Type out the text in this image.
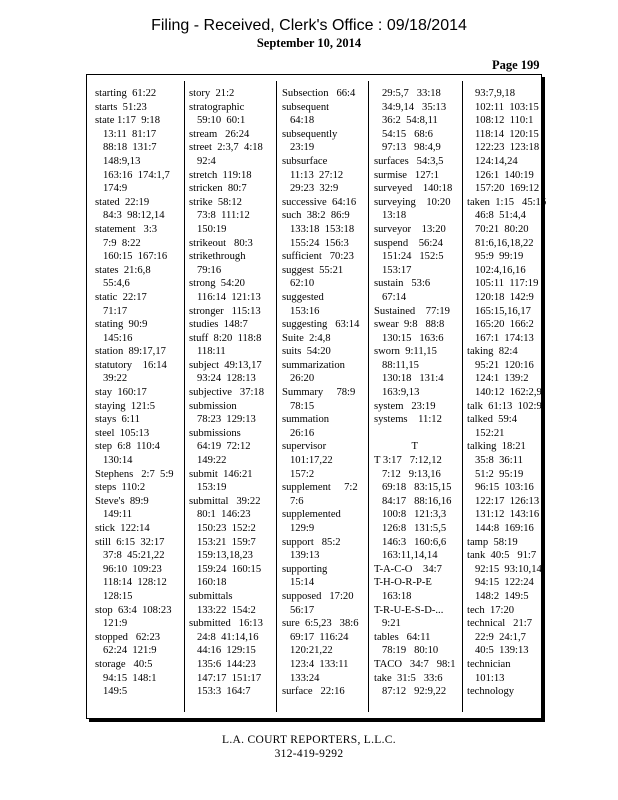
Filing - Received, Clerk's Office : 09/18/2014
September 10, 2014
Page 199
starting  61:22
starts  51:23
state 1:17  9:18
13:11  81:17
88:18  131:7
148:9,13
163:16  174:1,7
174:9
stated  22:19
84:3  98:12,14
statement   3:3
7:9  8:22
160:15  167:16
states  21:6,8
55:4,6
static  22:17
71:17
stating  90:9
145:16
station  89:17,17
statutory    16:14
39:22
stay  160:17
staying  121:5
stays  6:11
steel  105:13
step  6:8  110:4
130:14
Stephens   2:7  5:9
steps  110:2
Steve's  89:9
149:11
stick  122:14
still  6:15  32:17
37:8  45:21,22
96:10  109:23
118:14  128:12
128:15
stop  63:4  108:23
121:9
stopped   62:23
62:24  121:9
storage   40:5
94:15  148:1
149:5
story  21:2
stratographic
59:10  60:1
stream   26:24
street  2:3,7  4:18
92:4
stretch  119:18
stricken  80:7
strike  58:12
73:8  111:12
150:19
strikeout   80:3
strikethrough
79:16
strong  54:20
116:14  121:13
stronger   115:13
studies  148:7
stuff  8:20  118:8
118:11
subject  49:13,17
93:24  128:13
subjective   37:18
submission
78:23  129:13
submissions
64:19  72:12
149:22
submit  146:21
153:19
submittal   39:22
80:1  146:23
150:23  152:2
153:21  159:7
159:13,18,23
159:24  160:15
160:18
submittals
133:22  154:2
submitted   16:13
24:8  41:14,16
44:16  129:15
135:6  144:23
147:17  151:17
153:3  164:7
Subsection   66:4
subsequent
64:18
subsequently
23:19
subsurface
11:13  27:12
29:23  32:9
successive  64:16
such  38:2  86:9
133:18  153:18
155:24  156:3
sufficient   70:23
suggest  55:21
62:10
suggested
153:16
suggesting   63:14
Suite  2:4,8
suits  54:20
summarization
26:20
Summary     78:9
78:15
summation
26:16
supervisor
101:17,22
157:2
supplement     7:2
7:6
supplemented
129:9
support   85:2
139:13
supporting
15:14
supposed   17:20
56:17
sure  6:5,23   38:6
69:17  116:24
120:21,22
123:4  133:11
133:24
surface   22:16
29:5,7   33:18
34:9,14   35:13
36:2  54:8,11
54:15   68:6
97:13   98:4,9
surfaces   54:3,5
surmise   127:1
surveyed    140:18
surveying    10:20
13:18
surveyor    13:20
suspend    56:24
151:24   152:5
153:17
sustain   53:6
67:14
Sustained    77:19
swear  9:8   88:8
130:15   163:6
sworn  9:11,15
88:11,15
130:18   131:4
163:9,13
system   23:19
systems    11:12
T
T 3:17   7:12,12
7:12   9:13,16
69:18   83:15,15
84:17   88:16,16
100:8   121:3,3
126:8   131:5,5
146:3   160:6,6
163:11,14,14
T-A-C-O    34:7
T-H-O-R-P-E
163:18
T-R-U-E-S-D-...
9:21
tables   64:11
78:19   80:10
TACO   34:7   98:1
take  31:5   33:6
87:12   92:9,22
93:7,9,18
102:11  103:15
108:12  110:1
118:14  120:15
122:23  123:18
124:14,24
126:1  140:19
157:20  169:12
taken  1:15   45:16
46:8  51:4,4
70:21  80:20
81:6,16,18,22
95:9  99:19
102:4,16,16
105:11  117:19
120:18  142:9
165:15,16,17
165:20  166:2
167:1  174:13
taking  82:4
95:21  120:16
124:1  139:2
140:12  162:2,9
talk  61:13  102:9
talked  59:4
152:21
talking  18:21
35:8  36:11
51:2  95:19
96:15  103:16
122:17  126:13
131:12  143:16
144:8  169:16
tamp  58:19
tank  40:5   91:7
92:15  93:10,14
94:15  122:24
148:2  149:5
tech  17:20
technical   21:7
22:9  24:1,7
40:5  139:13
technician
101:13
technology
L.A. COURT REPORTERS, L.L.C.
312-419-9292
